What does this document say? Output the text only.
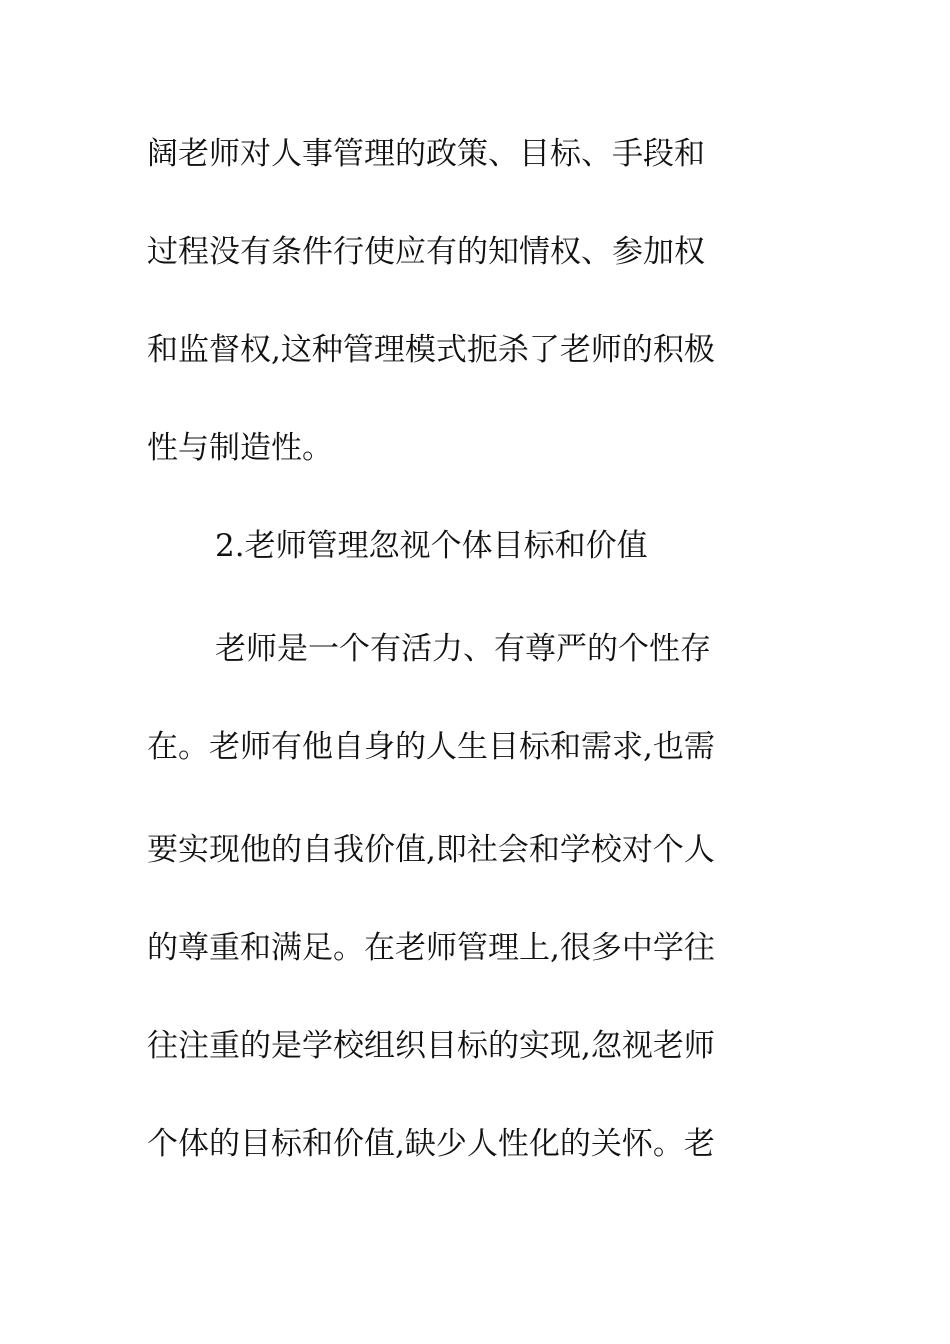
阔老师对人事管理的政策、目标、手段和
过程没有条件行使应有的知情权、参加权
和监督权,这种管理模式扼杀了老师的积极
性与制造性。
2.老师管理忽视个体目标和价值
老师是一个有活力、有尊严的个性存
在。老师有他自身的人生目标和需求,也需
要实现他的自我价值,即社会和学校对个人
的尊重和满足。在老师管理上,很多中学往
往注重的是学校组织目标的实现,忽视老师
个体的目标和价值,缺少人性化的关怀。老
